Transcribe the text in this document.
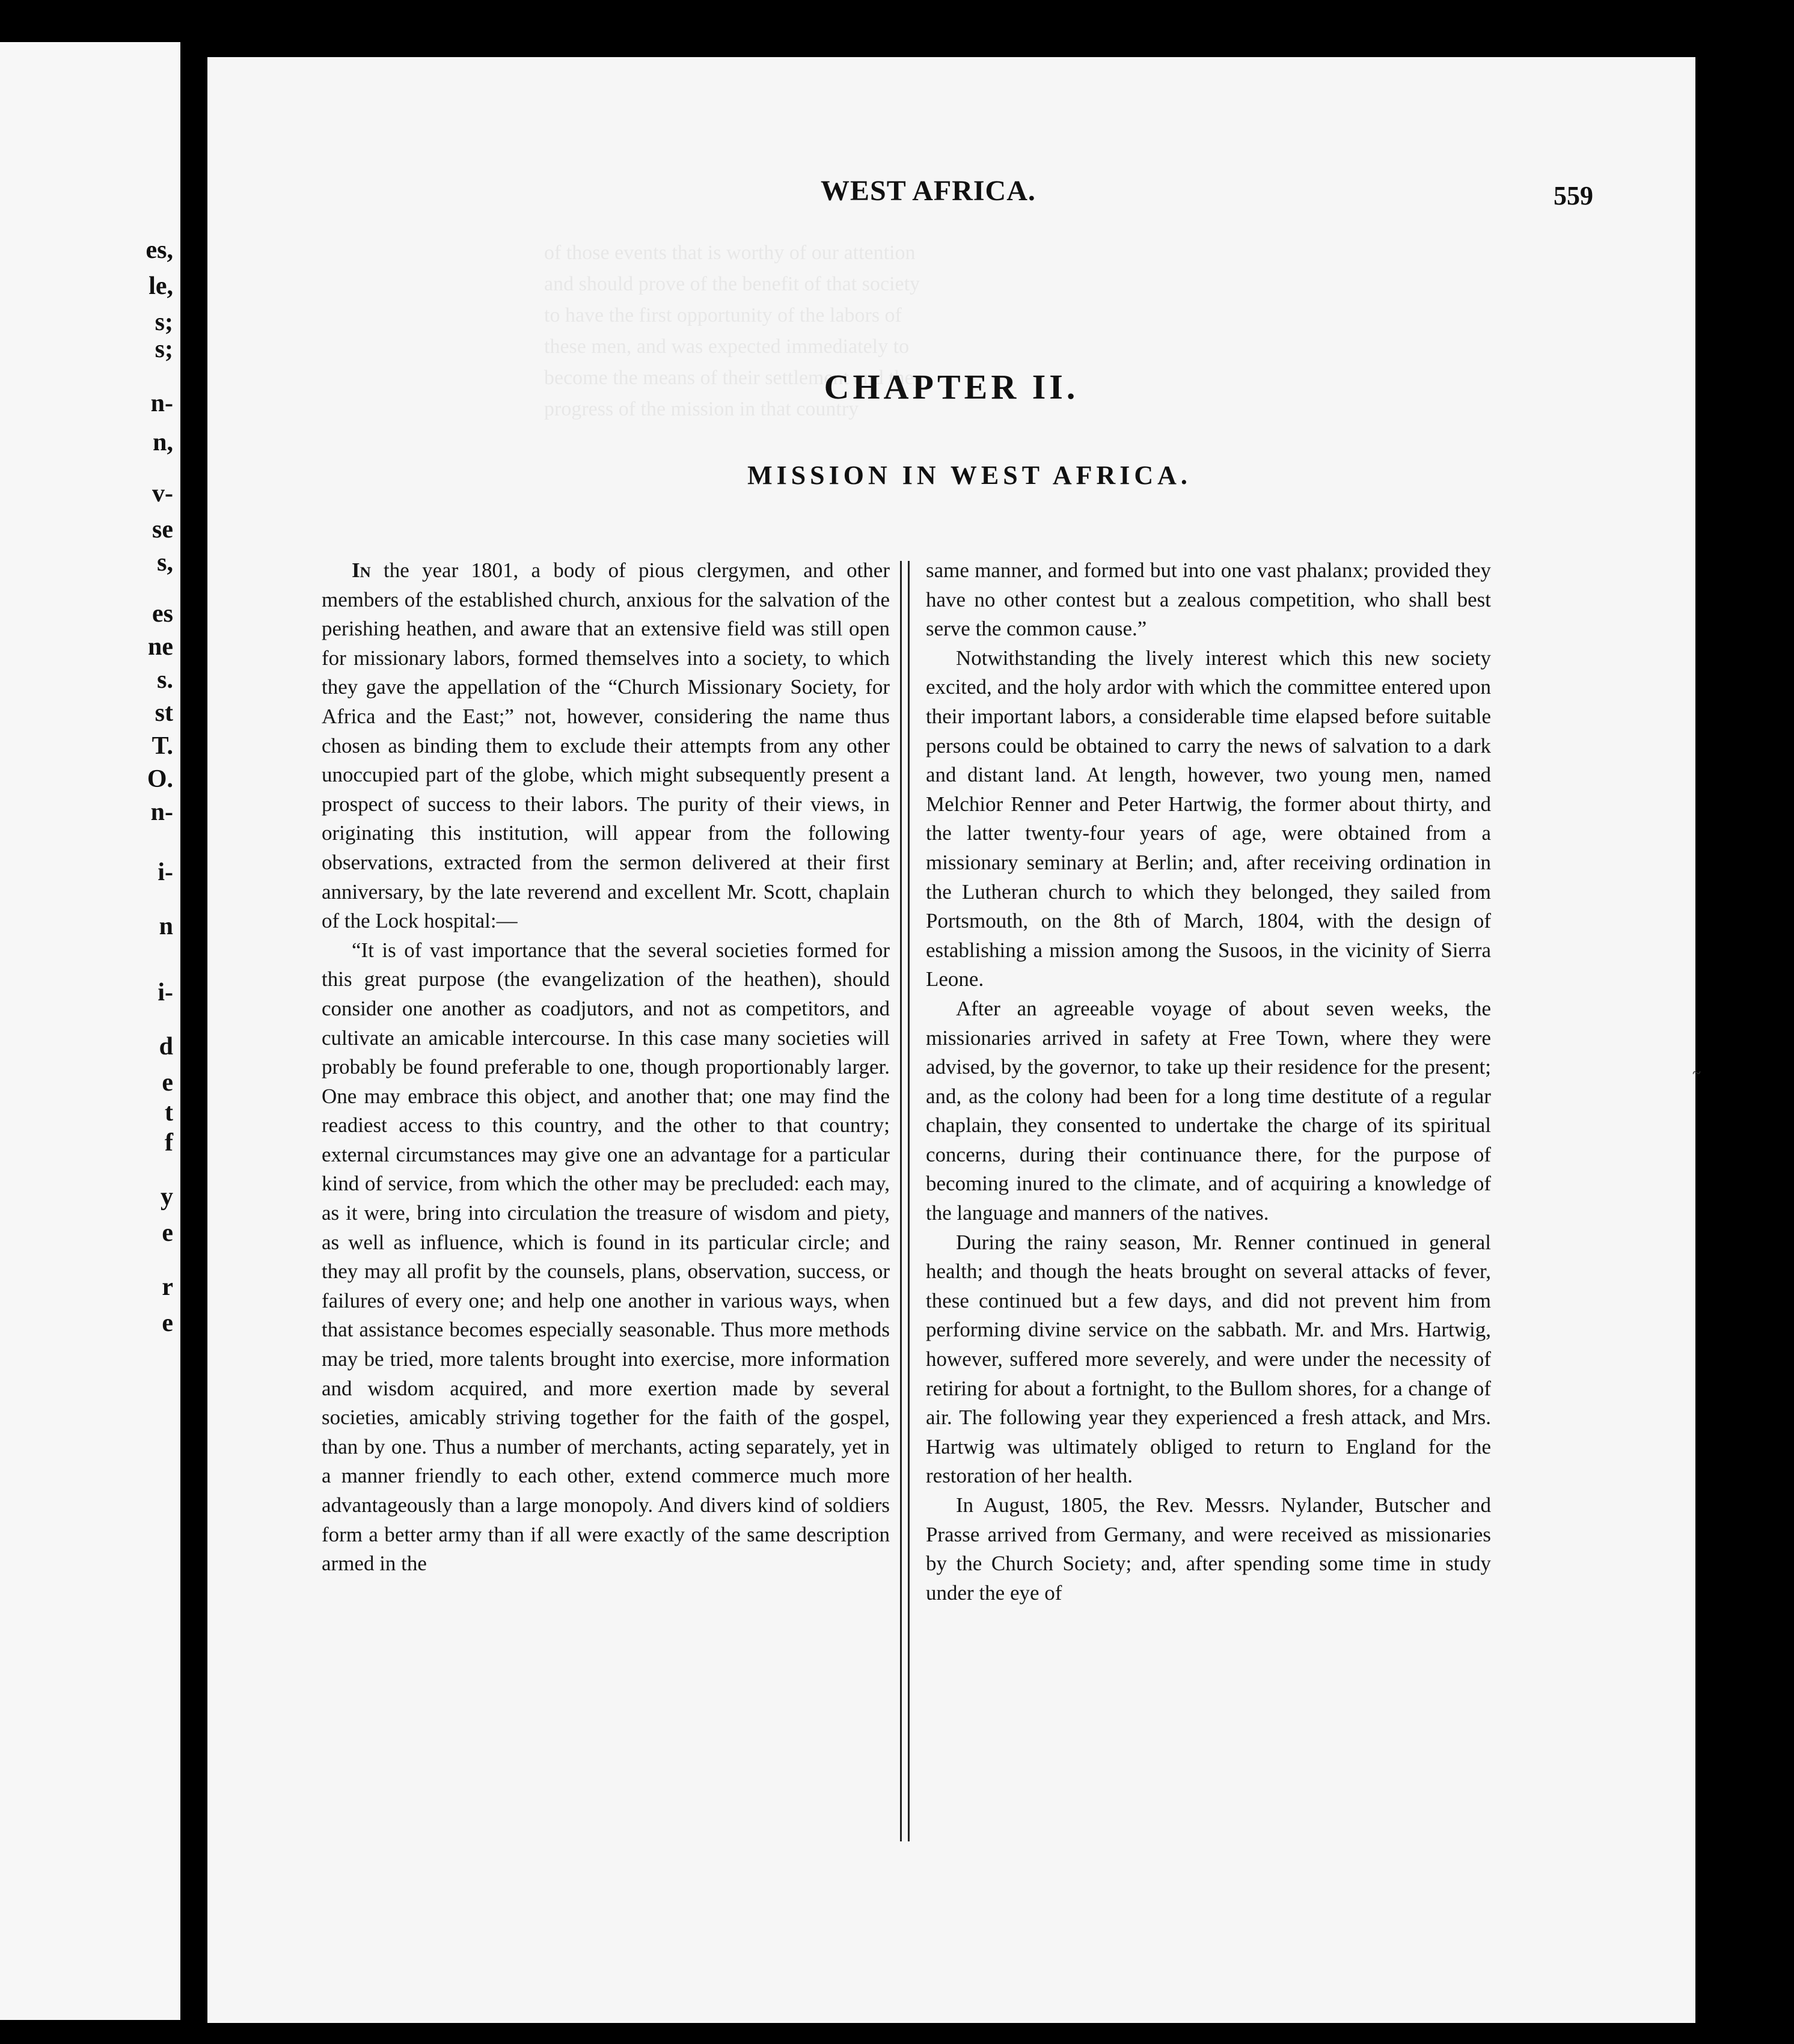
es,
le,
s;
s;
n-
n,
v-
se
s,
es
ne
s.
st
T.
O.
n-
i-
n
i-
d
e
t
f
y
e
r
e
of those events that is worthy of our attention
and should prove of the benefit of that society
to have the first opportunity of the labors of
these men, and was expected immediately to
become the means of their settlement and the
progress of the mission in that country
WEST AFRICA.	559
CHAPTER II.
MISSION IN WEST AFRICA.

In the year 1801, a body of pious clergymen, and other members of the established church, anxious for the salvation of the perishing heathen, and aware that an extensive field was still open for missionary labors, formed themselves into a society, to which they gave the appellation of the “Church Missionary Society, for Africa and the East;” not, however, considering the name thus chosen as binding them to exclude their attempts from any other unoccupied part of the globe, which might subsequently present a prospect of success to their labors. The purity of their views, in originating this institution, will appear from the following observations, extracted from the sermon delivered at their first anniversary, by the late reverend and excellent Mr. Scott, chaplain of the Lock hospital:—

“It is of vast importance that the several societies formed for this great purpose (the evangelization of the heathen), should consider one another as coadjutors, and not as competitors, and cultivate an amicable intercourse. In this case many societies will probably be found preferable to one, though proportionably larger. One may embrace this object, and another that; one may find the readiest access to this country, and the other to that country; external circumstances may give one an advantage for a particular kind of service, from which the other may be precluded: each may, as it were, bring into circulation the treasure of wisdom and piety, as well as influence, which is found in its particular circle; and they may all profit by the counsels, plans, observation, success, or failures of every one; and help one another in various ways, when that assistance becomes especially seasonable. Thus more methods may be tried, more talents brought into exercise, more information and wisdom acquired, and more exertion made by several societies, amicably striving together for the faith of the gospel, than by one. Thus a number of merchants, acting separately, yet in a manner friendly to each other, extend commerce much more advantageously than a large monopoly. And divers kind of soldiers form a better army than if all were exactly of the same description armed in the

same manner, and formed but into one vast phalanx; provided they have no other contest but a zealous competition, who shall best serve the common cause.”

Notwithstanding the lively interest which this new society excited, and the holy ardor with which the committee entered upon their important labors, a considerable time elapsed before suitable persons could be obtained to carry the news of salvation to a dark and distant land. At length, however, two young men, named Melchior Renner and Peter Hartwig, the former about thirty, and the latter twenty-four years of age, were obtained from a missionary seminary at Berlin; and, after receiving ordination in the Lutheran church to which they belonged, they sailed from Portsmouth, on the 8th of March, 1804, with the design of establishing a mission among the Susoos, in the vicinity of Sierra Leone.

After an agreeable voyage of about seven weeks, the missionaries arrived in safety at Free Town, where they were advised, by the governor, to take up their residence for the present; and, as the colony had been for a long time destitute of a regular chaplain, they consented to undertake the charge of its spiritual concerns, during their continuance there, for the purpose of becoming inured to the climate, and of acquiring a knowledge of the language and manners of the natives.

During the rainy season, Mr. Renner continued in general health; and though the heats brought on several attacks of fever, these continued but a few days, and did not prevent him from performing divine service on the sabbath. Mr. and Mrs. Hartwig, however, suffered more severely, and were under the necessity of retiring for about a fortnight, to the Bullom shores, for a change of air. The following year they experienced a fresh attack, and Mrs. Hartwig was ultimately obliged to return to England for the restoration of her health.

In August, 1805, the Rev. Messrs. Nylander, Butscher and Prasse arrived from Germany, and were received as missionaries by the Church Society; and, after spending some time in study under the eye of

~
